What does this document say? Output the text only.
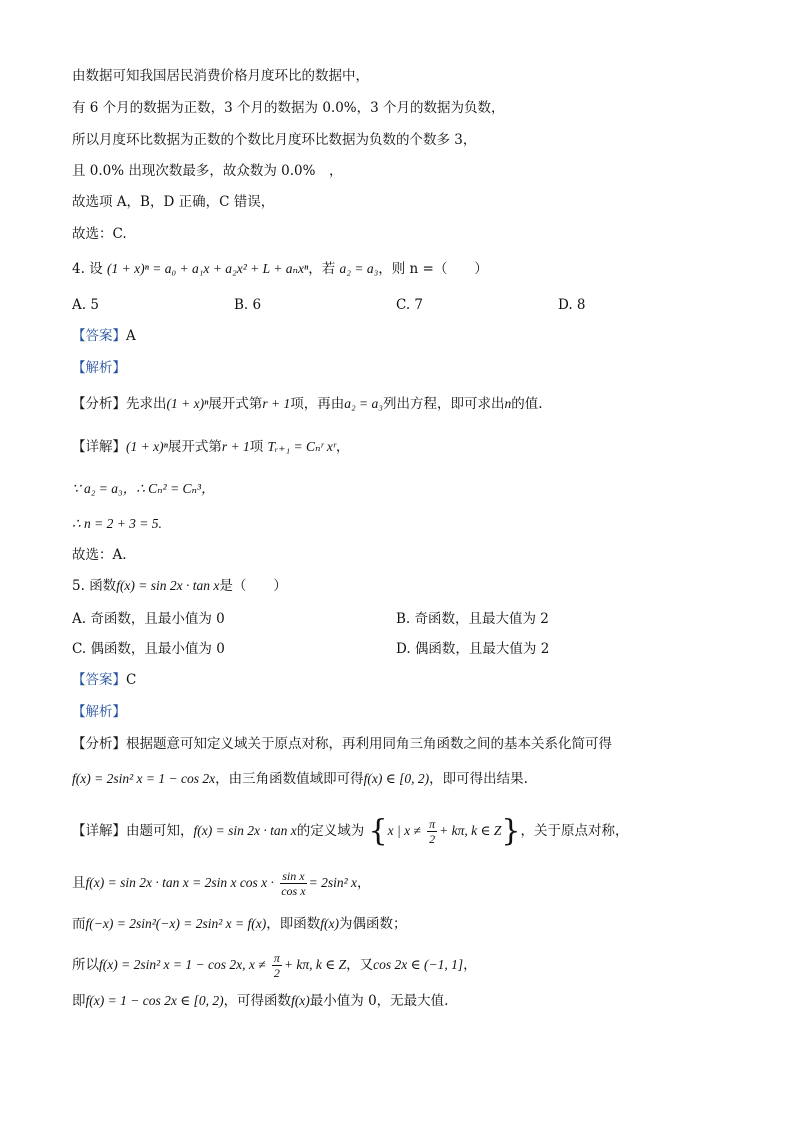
由数据可知我国居民消费价格月度环比的数据中，
有 6 个月的数据为正数，3 个月的数据为 0.0%，3 个月的数据为负数，
所以月度环比数据为正数的个数比月度环比数据为负数的个数多 3，
且 0.0% 出现次数最多，故众数为 0.0%　，
故选项 A，B，D 正确，C 错误，
故选：C.
4. 设 (1 + x)ⁿ = a₀ + a₁x + a₂x² + L + aₙxⁿ，若 a₂ = a₃，则 n =（　　）
A. 5	B. 6	C. 7	D. 8
【答案】A
【解析】
【分析】先求出(1 + x)ⁿ展开式第r + 1项，再由a₂ = a₃列出方程，即可求出n的值.
【详解】(1 + x)ⁿ展开式第r + 1项 Tᵣ₊₁ = Cₙʳ xʳ，
∵ a₂ = a₃，∴ Cₙ² = Cₙ³，
∴ n = 2 + 3 = 5.
故选：A.
5. 函数f(x) = sin 2x · tan x是（　　）
A. 奇函数，且最小值为 0	B. 奇函数，且最大值为 2
C. 偶函数，且最小值为 0	D. 偶函数，且最大值为 2
【答案】C
【解析】
【分析】根据题意可知定义域关于原点对称，再利用同角三角函数之间的基本关系化简可得
f(x) = 2sin² x = 1 − cos 2x，由三角函数值域即可得f(x) ∈ [0, 2)，即可得出结果.
【详解】由题可知，f(x) = sin 2x · tan x的定义域为 {x | $x \ne \frac{\pi}{2} + k\pi$, k ∈ Z}，关于原点对称，
且f(x) = sin 2x · tan x = 2sin x $\cos x \cdot \frac{\text{sin x}}{\text{cos x}} = 2\sin^2$ x，
而f(−x) = 2sin²(−x) = 2sin² x = f(x)，即函数f(x)为偶函数；
所以f(x) = 2sin² x = 1 − cos 2x, $x \ne \frac{\pi}{2} + k\pi$, k ∈ Z，又cos 2x ∈ (−1, 1]，
即f(x) = 1 − cos 2x ∈ [0, 2)，可得函数f(x)最小值为 0，无最大值.
